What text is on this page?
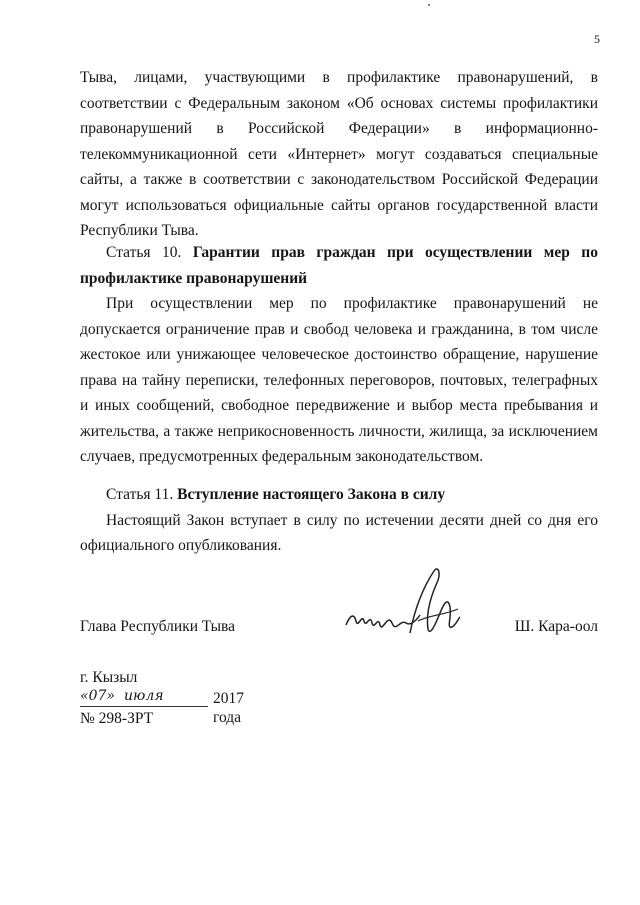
5

Тыва, лицами, участвующими в профилактике правонарушений, в соответствии с Федеральным законом «Об основах системы профилактики правонарушений в Российской Федерации» в информационно-телекоммуникационной сети «Интернет» могут создаваться специальные сайты, а также в соответствии с законодательством Российской Федерации могут использоваться официальные сайты органов государственной власти Республики Тыва.

Статья 10. Гарантии прав граждан при осуществлении мер по профилактике правонарушений

При осуществлении мер по профилактике правонарушений не допускается ограничение прав и свобод человека и гражданина, в том числе жестокое или унижающее человеческое достоинство обращение, нарушение права на тайну переписки, телефонных переговоров, почтовых, телеграфных и иных сообщений, свободное передвижение и выбор места пребывания и жительства, а также неприкосновенность личности, жилища, за исключением случаев, предусмотренных федеральным законодательством.

Статья 11. Вступление настоящего Закона в силу

Настоящий Закон вступает в силу по истечении десяти дней со дня его официального опубликования.

Глава Республики Тыва	Ш. Кара-оол
г. Кызыл
«07» июля	2017 года
№ 298-ЗРТ
